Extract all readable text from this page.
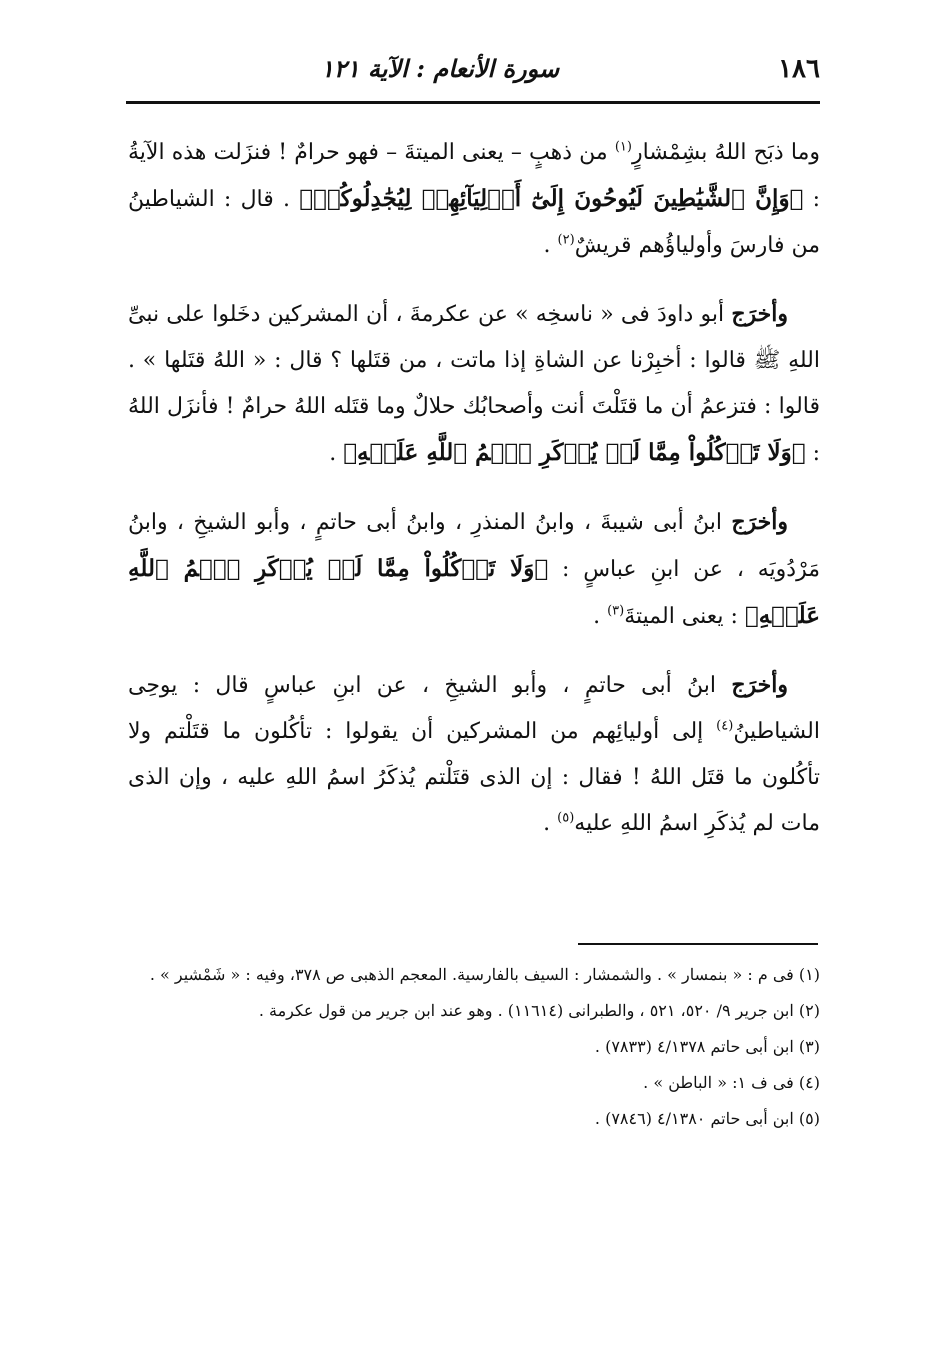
١٨٦
سورة الأنعام : الآية ١٢١

وما ذبَح اللهُ بشِمْشارٍ$^{(١)}$ من ذهبٍ – يعنى الميتةَ – فهو حرامٌ ! فنزَلت هذه الآيةُ : ﴿وَإِنَّ ٱلشَّيَٰطِينَ لَيُوحُونَ إِلَىٰٓ أَوۡلِيَآئِهِمۡ لِيُجَٰدِلُوكُمۡ﴾ . قال : الشياطينُ من فارسَ وأولياؤُهم قريشٌ$^{(٢)}$ .

وأخرَج أبو داودَ فى « ناسخِه » عن عكرمةَ ، أن المشركين دخَلوا على نبىِّ اللهِ ﷺ قالوا : أخبِرْنا عن الشاةِ إذا ماتت ، من قتَلها ؟ قال : « اللهُ قتَلها » . قالوا : فتزعمُ أن ما قتَلْتَ أنت وأصحابُك حلالٌ وما قتَله اللهُ حرامٌ ! فأنزَل اللهُ : ﴿وَلَا تَأۡكُلُواْ مِمَّا لَمۡ يُذۡكَرِ ٱسۡمُ ٱللَّهِ عَلَيۡهِ﴾ .

وأخرَج ابنُ أبى شيبةَ ، وابنُ المنذرِ ، وابنُ أبى حاتمٍ ، وأبو الشيخِ ، وابنُ مَرْدُويَه ، عن ابنِ عباسٍ : ﴿وَلَا تَأۡكُلُواْ مِمَّا لَمۡ يُذۡكَرِ ٱسۡمُ ٱللَّهِ عَلَيۡهِ﴾ : يعنى الميتةَ$^{(٣)}$ .

وأخرَج ابنُ أبى حاتمٍ ، وأبو الشيخِ ، عن ابنِ عباسٍ قال : يوحِى الشياطينُ$^{(٤)}$ إلى أوليائِهم من المشركين أن يقولوا : تأكُلون ما قتَلْتم ولا تأكُلون ما قتَل اللهُ ! فقال : إن الذى قتَلْتم يُذكَرُ اسمُ اللهِ عليه ، وإن الذى مات لم يُذكَرِ اسمُ اللهِ عليه$^{(٥)}$ .

(١) فى م : « بنمسار » . والشمشار : السيف بالفارسية. المعجم الذهبى ص ٣٧٨، وفيه : « شَمْشير » .

(٢) ابن جرير ٩/ ٥٢٠، ٥٢١ ، والطبرانى (١١٦١٤) . وهو عند ابن جرير من قول عكرمة .

(٣) ابن أبى حاتم ٤/١٣٧٨ (٧٨٣٣) .

(٤) فى ف ١: « الباطن » .

(٥) ابن أبى حاتم ٤/١٣٨٠ (٧٨٤٦) .
